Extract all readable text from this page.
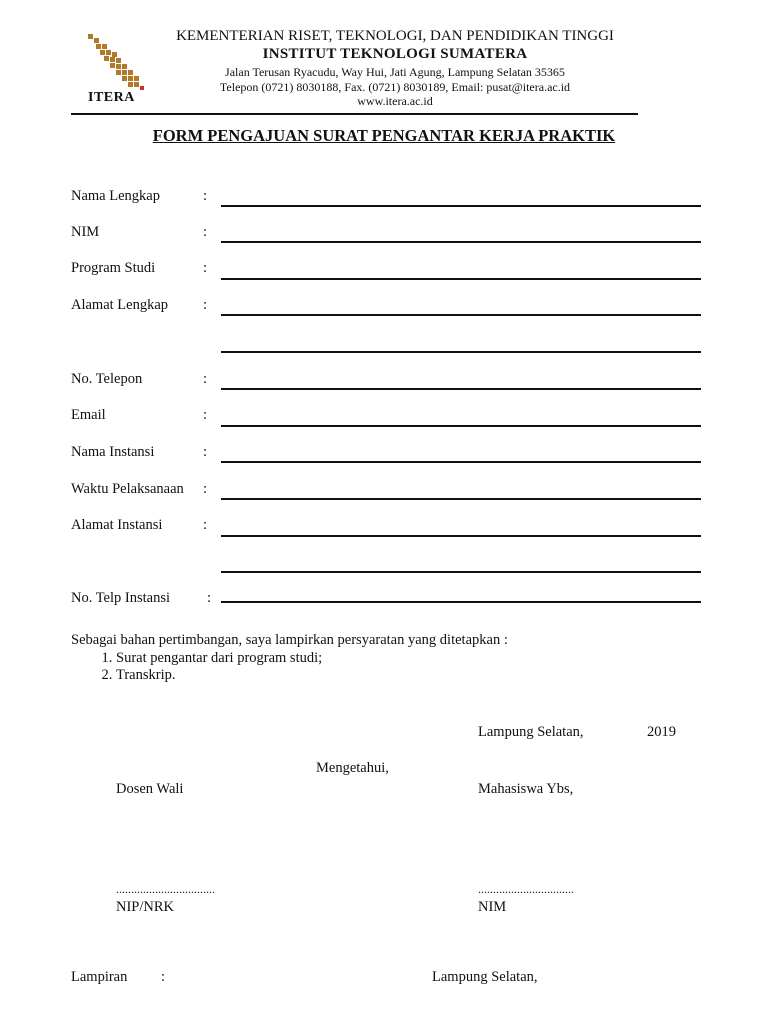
ITERA
KEMENTERIAN RISET, TEKNOLOGI, DAN PENDIDIKAN TINGGI
INSTITUT TEKNOLOGI SUMATERA
Jalan Terusan Ryacudu, Way Hui, Jati Agung, Lampung Selatan 35365
Telepon (0721) 8030188, Fax. (0721) 8030189, Email: pusat@itera.ac.id
www.itera.ac.id
FORM PENGAJUAN SURAT PENGANTAR KERJA PRAKTIK
Nama Lengkap	:
NIM	:
Program Studi	:
Alamat Lengkap :
No. Telepon	:
Email	:
Nama Instansi	:
Waktu Pelaksanaan :
Alamat Instansi	:
No. Telp Instansi	:
Sebagai bahan pertimbangan, saya lampirkan persyaratan yang ditetapkan :
1. Surat pengantar dari program studi;
2. Transkrip.
Lampung Selatan,	2019
Mengetahui,
Dosen Wali	Mahasiswa Ybs,
.................................	................................
NIP/NRK	NIM
Lampiran :	Lampung Selatan,
